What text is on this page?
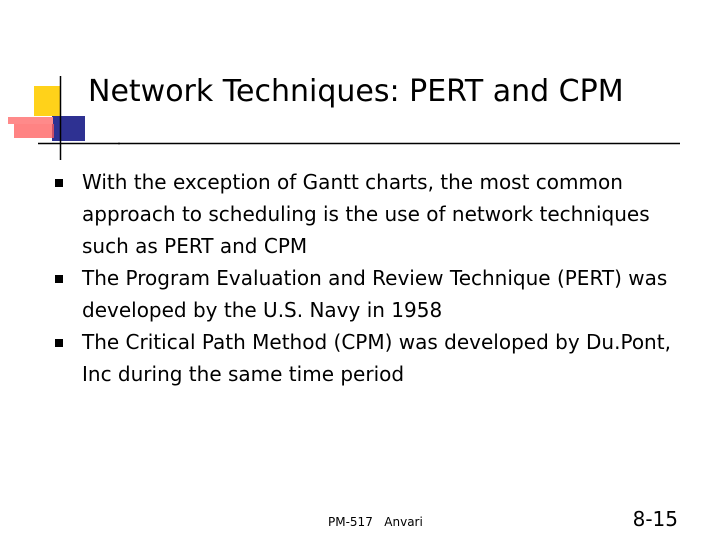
Network Techniques: PERT and CPM
With the exception of Gantt charts, the most common approach to scheduling is the use of network techniques such as PERT and CPM
The Program Evaluation and Review Technique (PERT) was developed by the U.S. Navy in 1958
The Critical Path Method (CPM) was developed by Du.Pont, Inc during the same time period
PM-517 Anvari	8-15
